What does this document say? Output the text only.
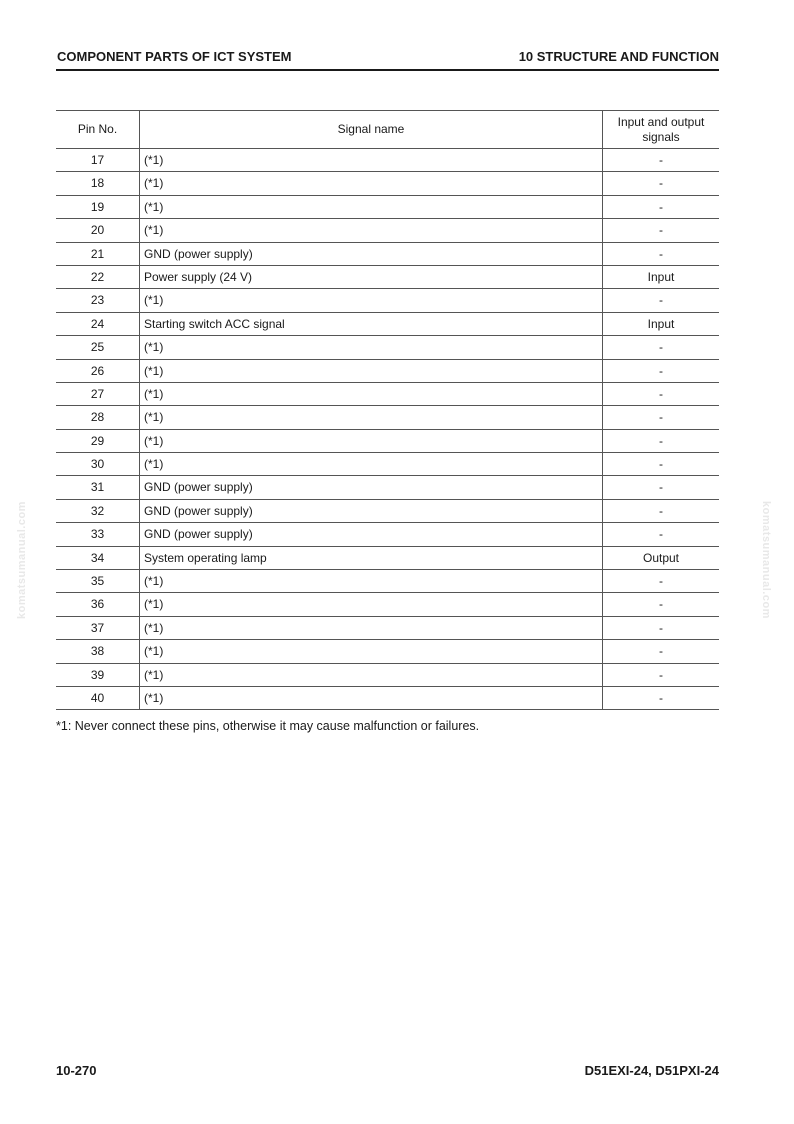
COMPONENT PARTS OF ICT SYSTEM	10 STRUCTURE AND FUNCTION
Pin No.	Signal name	Input and output signals
17	(*1)	-
18	(*1)	-
19	(*1)	-
20	(*1)	-
21	GND (power supply)	-
22	Power supply (24 V)	Input
23	(*1)	-
24	Starting switch ACC signal	Input
25	(*1)	-
26	(*1)	-
27	(*1)	-
28	(*1)	-
29	(*1)	-
30	(*1)	-
31	GND (power supply)	-
32	GND (power supply)	-
33	GND (power supply)	-
34	System operating lamp	Output
35	(*1)	-
36	(*1)	-
37	(*1)	-
38	(*1)	-
39	(*1)	-
40	(*1)	-
*1: Never connect these pins, otherwise it may cause malfunction or failures.
komatsumanual.com	komatsumanual.com
10-270	D51EXI-24, D51PXI-24
